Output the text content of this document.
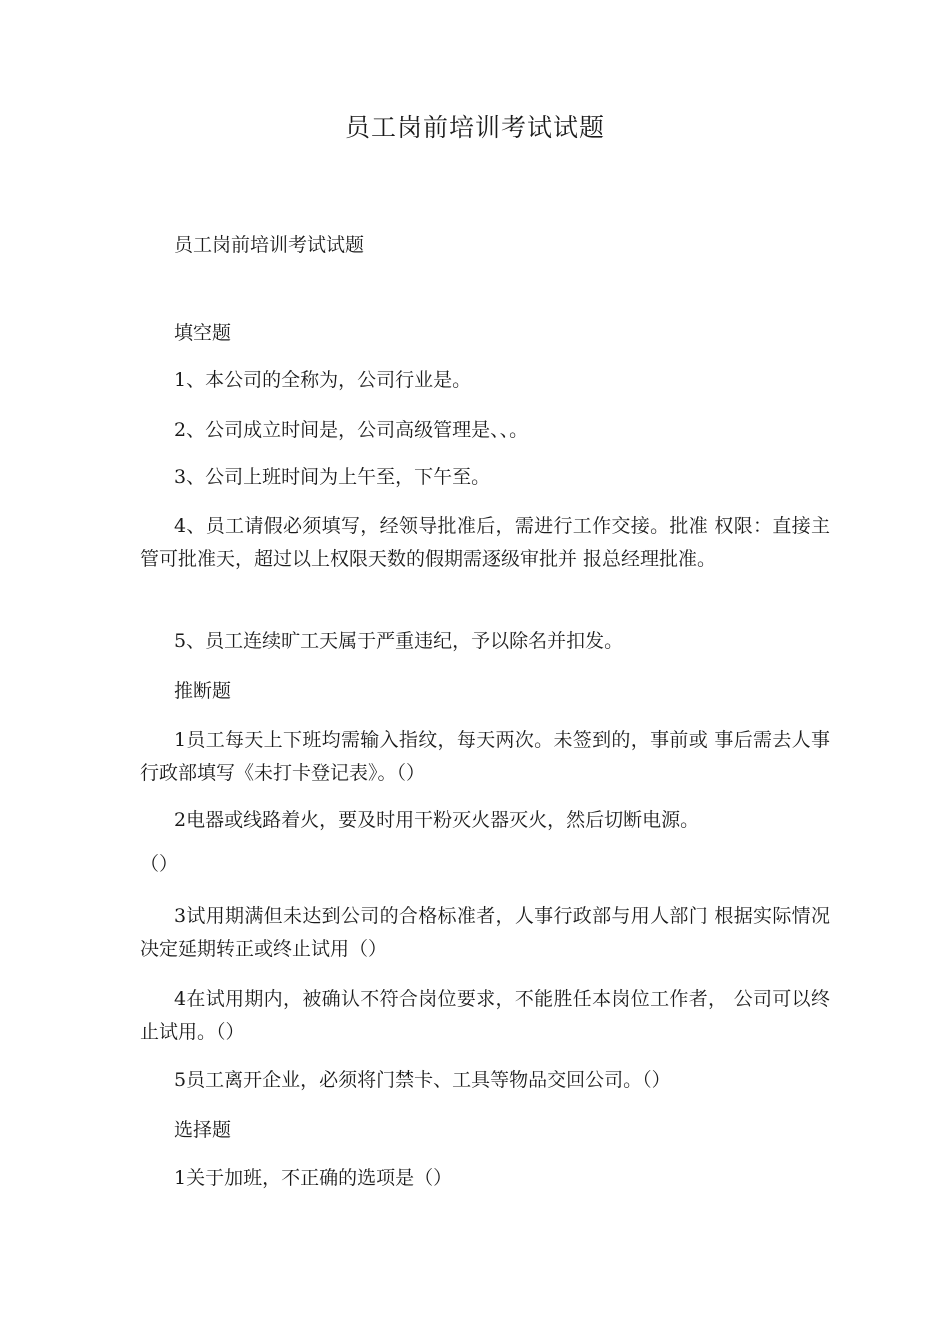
员工岗前培训考试试题

员工岗前培训考试试题

填空题

1、本公司的全称为，公司行业是。

2、公司成立时间是，公司高级管理是、、。

3、公司上班时间为上午至，下午至。

4、员工请假必须填写，经领导批准后，需进行工作交接。批准 权限：直接主管可批准天，超过以上权限天数的假期需逐级审批并 报总经理批准。

5、员工连续旷工天属于严重违纪，予以除名并扣发。

推断题

1员工每天上下班均需输入指纹，每天两次。未签到的，事前或 事后需去人事行政部填写《未打卡登记表》。（）

2电器或线路着火，要及时用干粉灭火器灭火，然后切断电源。

（）

3试用期满但未达到公司的合格标准者，人事行政部与用人部门 根据实际情况决定延期转正或终止试用（）

4在试用期内，被确认不符合岗位要求，不能胜任本岗位工作者， 公司可以终止试用。（）

5员工离开企业，必须将门禁卡、工具等物品交回公司。（）

选择题

1关于加班，不正确的选项是（）
